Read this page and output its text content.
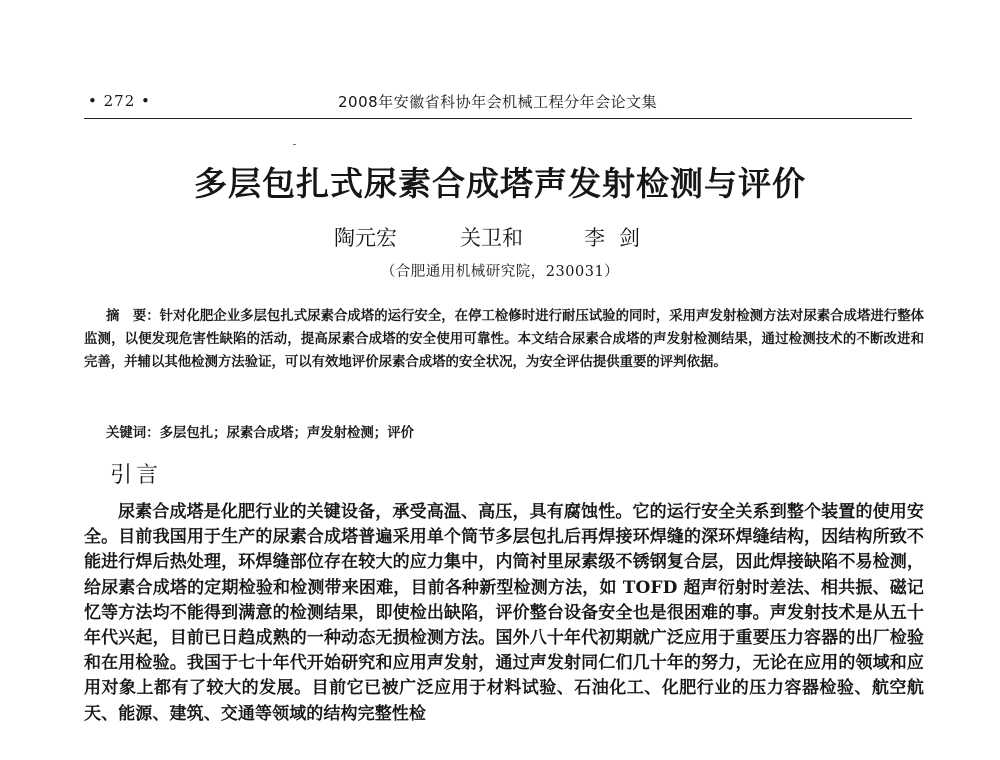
• 272 •	2008年安徽省科协年会机械工程分年会论文集
多层包扎式尿素合成塔声发射检测与评价
陶元宏	关卫和	李剑
（合肥通用机械研究院，230031）
摘　要：针对化肥企业多层包扎式尿素合成塔的运行安全，在停工检修时进行耐压试验的同时，采用声发射检测方法对尿素合成塔进行整体监测，以便发现危害性缺陷的活动，提高尿素合成塔的安全使用可靠性。本文结合尿素合成塔的声发射检测结果，通过检测技术的不断改进和完善，并辅以其他检测方法验证，可以有效地评价尿素合成塔的安全状况，为安全评估提供重要的评判依据。
关键词：多层包扎；尿素合成塔；声发射检测；评价
引言
尿素合成塔是化肥行业的关键设备，承受高温、高压，具有腐蚀性。它的运行安全关系到整个装置的使用安全。目前我国用于生产的尿素合成塔普遍采用单个筒节多层包扎后再焊接环焊缝的深环焊缝结构，因结构所致不能进行焊后热处理，环焊缝部位存在较大的应力集中，内筒衬里尿素级不锈钢复合层，因此焊接缺陷不易检测，给尿素合成塔的定期检验和检测带来困难，目前各种新型检测方法，如 TOFD 超声衍射时差法、相共振、磁记忆等方法均不能得到满意的检测结果，即使检出缺陷，评价整台设备安全也是很困难的事。声发射技术是从五十年代兴起，目前已日趋成熟的一种动态无损检测方法。国外八十年代初期就广泛应用于重要压力容器的出厂检验和在用检验。我国于七十年代开始研究和应用声发射，通过声发射同仁们几十年的努力，无论在应用的领域和应用对象上都有了较大的发展。目前它已被广泛应用于材料试验、石油化工、化肥行业的压力容器检验、航空航天、能源、建筑、交通等领域的结构完整性检
